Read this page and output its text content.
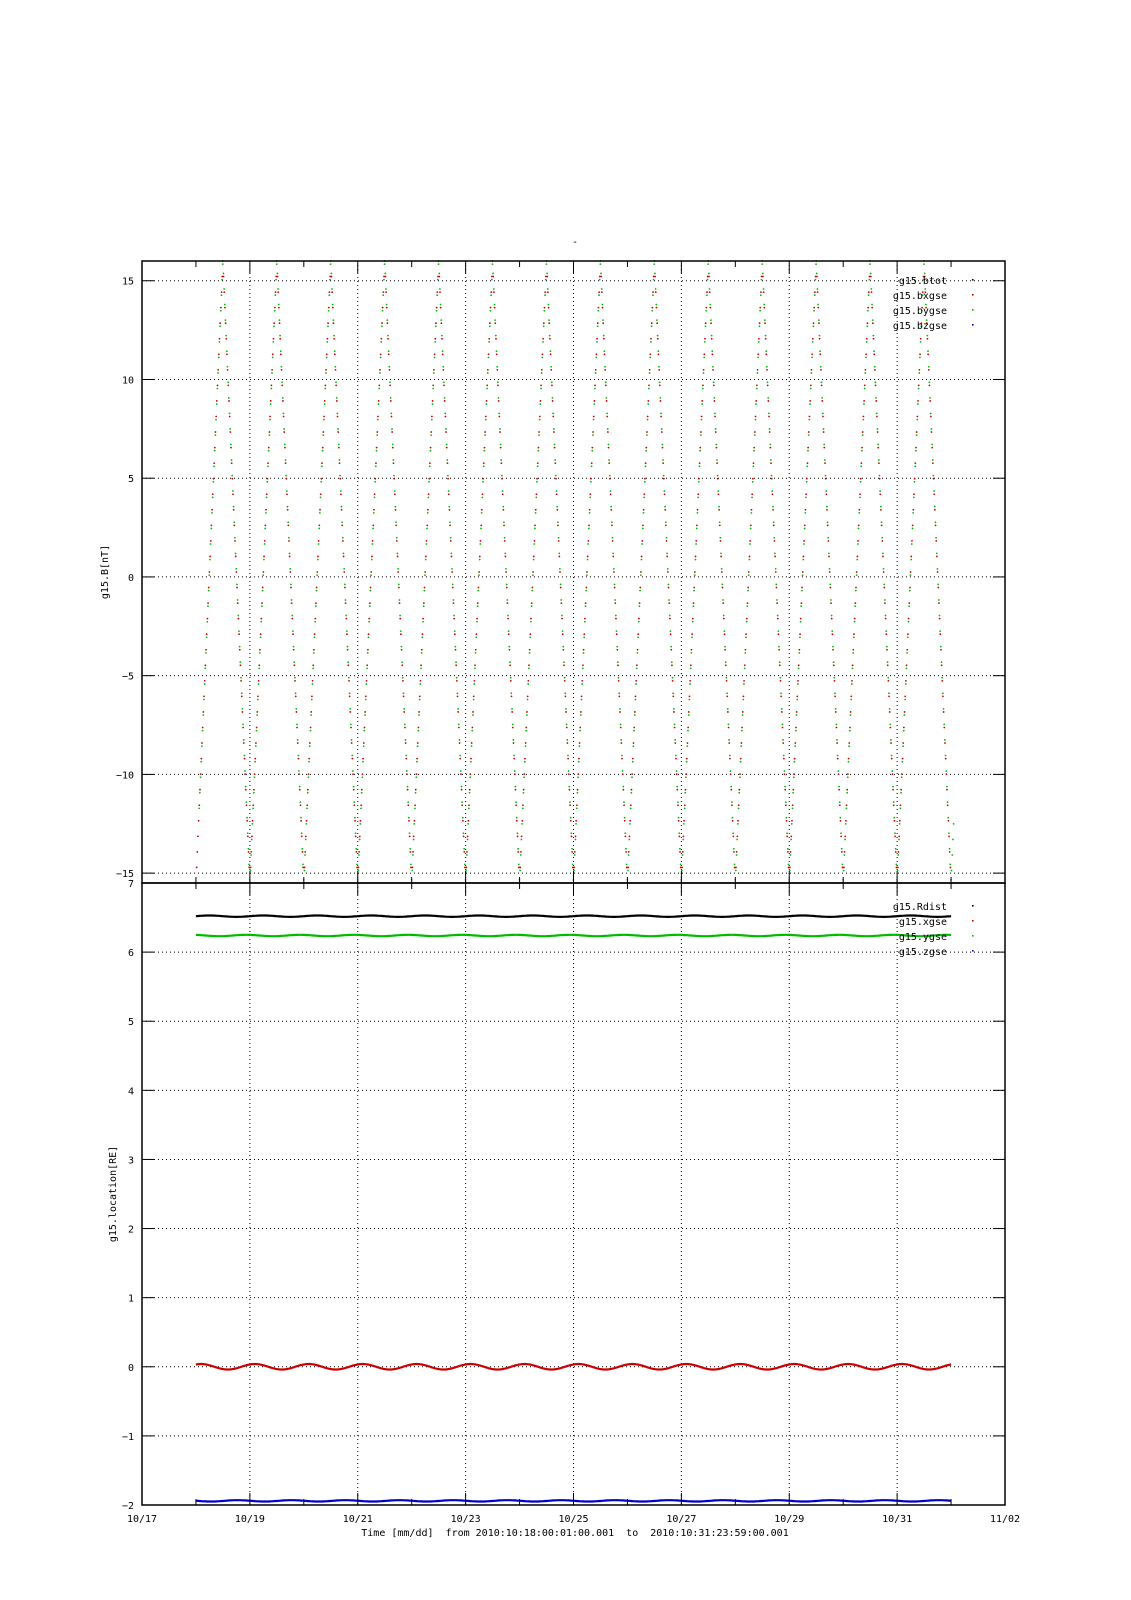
-
15
10
5
0
−5
−10
−15
g15.B[nT]
g15.btot
g15.bxgse
g15.bygse
g15.bzgse
7
6
5
4
3
2
1
0
−1
−2
g15.location[RE]
g15.Rdist
g15.xgse
g15.ygse
g15.zgse
10/17	10/19	10/21	10/23	10/25	10/27	10/29	10/31	11/02
Time [mm/dd]  from 2010:10:18:00:01:00.001  to  2010:10:31:23:59:00.001
